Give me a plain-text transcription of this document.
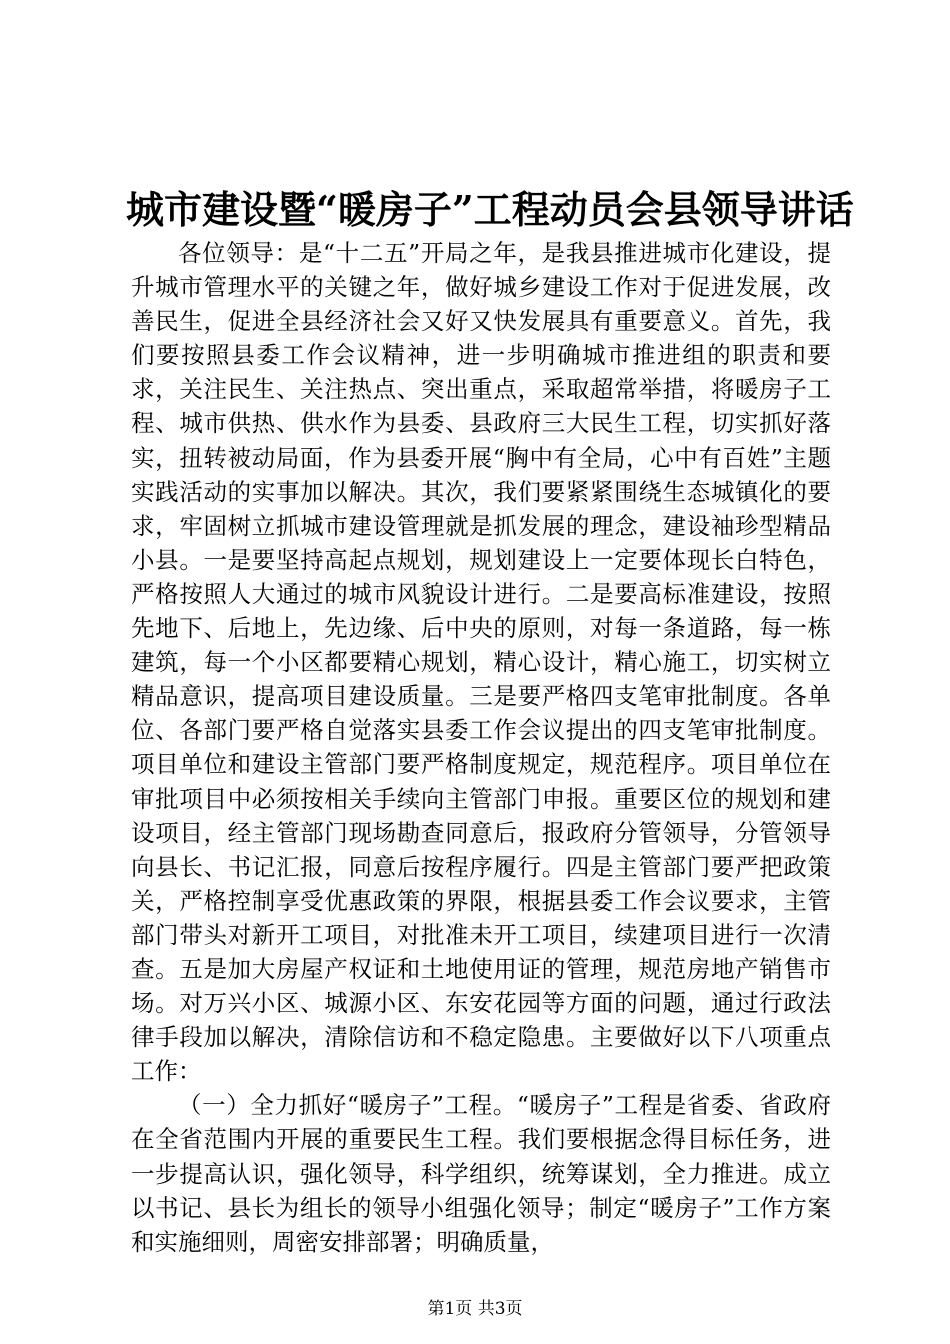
城市建设暨“暖房子”工程动员会县领导讲话

各位领导：是“十二五”开局之年，是我县推进城市化建设，提升城市管理水平的关键之年，做好城乡建设工作对于促进发展，改善民生，促进全县经济社会又好又快发展具有重要意义。首先，我们要按照县委工作会议精神，进一步明确城市推进组的职责和要求，关注民生、关注热点、突出重点，采取超常举措，将暖房子工程、城市供热、供水作为县委、县政府三大民生工程，切实抓好落实，扭转被动局面，作为县委开展“胸中有全局，心中有百姓”主题实践活动的实事加以解决。其次，我们要紧紧围绕生态城镇化的要求，牢固树立抓城市建设管理就是抓发展的理念，建设袖珍型精品小县。一是要坚持高起点规划，规划建设上一定要体现长白特色，严格按照人大通过的城市风貌设计进行。二是要高标准建设，按照先地下、后地上，先边缘、后中央的原则，对每一条道路，每一栋建筑，每一个小区都要精心规划，精心设计，精心施工，切实树立精品意识，提高项目建设质量。三是要严格四支笔审批制度。各单位、各部门要严格自觉落实县委工作会议提出的四支笔审批制度。项目单位和建设主管部门要严格制度规定，规范程序。项目单位在审批项目中必须按相关手续向主管部门申报。重要区位的规划和建设项目，经主管部门现场勘查同意后，报政府分管领导，分管领导向县长、书记汇报，同意后按程序履行。四是主管部门要严把政策关，严格控制享受优惠政策的界限，根据县委工作会议要求，主管部门带头对新开工项目，对批准未开工项目，续建项目进行一次清查。五是加大房屋产权证和土地使用证的管理，规范房地产销售市场。对万兴小区、城源小区、东安花园等方面的问题，通过行政法律手段加以解决，清除信访和不稳定隐患。主要做好以下八项重点工作：

（一）全力抓好“暖房子”工程。“暖房子”工程是省委、省政府在全省范围内开展的重要民生工程。我们要根据念得目标任务，进一步提高认识，强化领导，科学组织，统筹谋划，全力推进。成立以书记、县长为组长的领导小组强化领导；制定“暖房子”工作方案和实施细则，周密安排部署；明确质量，

第1页 共3页
